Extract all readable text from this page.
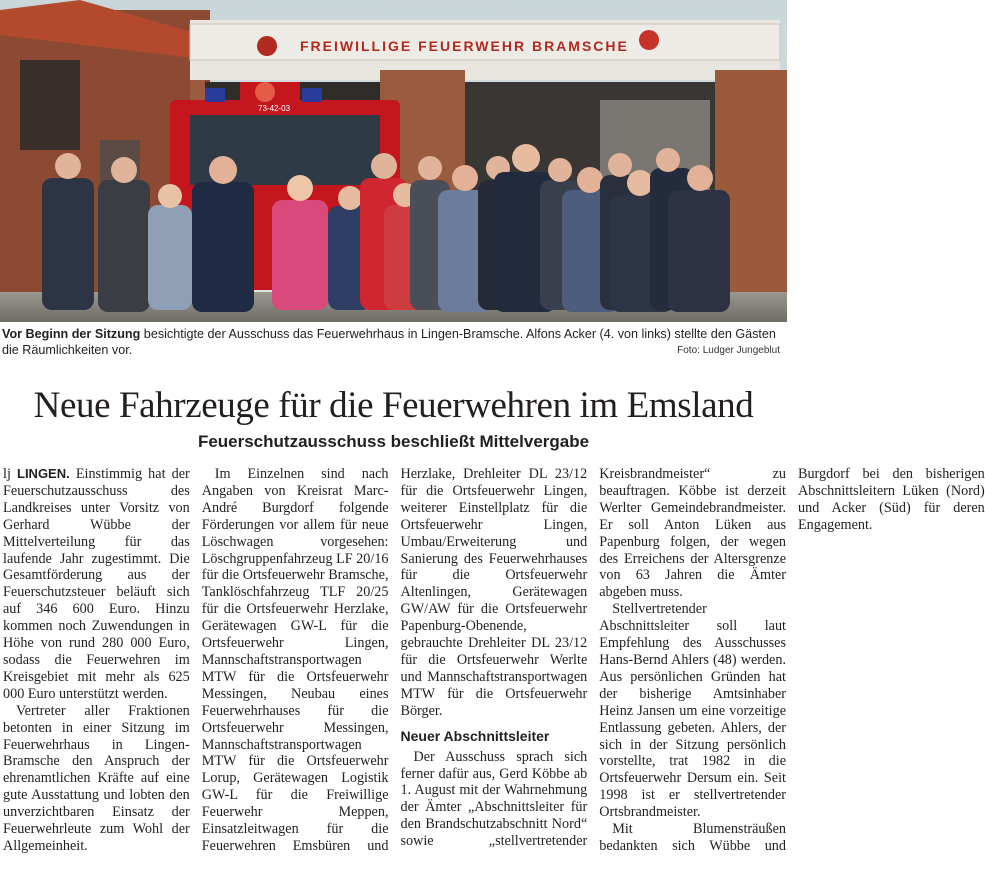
FREIWILLIGE FEUERWEHR BRAMSCHE
73-42-03
Vor Beginn der Sitzung besichtigte der Ausschuss das Feuerwehrhaus in Lingen-Bramsche. Alfons Acker (4. von links) stellte den Gästen die Räumlichkeiten vor.	Foto: Ludger Jungeblut
Neue Fahrzeuge für die Feuerwehren im Emsland
Feuerschutzausschuss beschließt Mittelvergabe

lj LINGEN. Einstimmig hat der Feuerschutzausschuss des Landkreises unter Vorsitz von Gerhard Wübbe der Mittelverteilung für das laufende Jahr zugestimmt. Die Gesamtförderung aus der Feuerschutzsteuer beläuft sich auf 346 600 Euro. Hinzu kommen noch Zuwendungen in Höhe von rund 280 000 Euro, sodass die Feuerwehren im Kreisgebiet mit mehr als 625 000 Euro unterstützt werden.

Vertreter aller Fraktionen betonten in einer Sitzung im Feuerwehrhaus in Lingen-Bramsche den Anspruch der ehrenamtlichen Kräfte auf eine gute Ausstattung und lobten den unverzichtbaren Einsatz der Feuerwehrleute zum Wohl der Allgemeinheit.

Im Einzelnen sind nach Angaben von Kreisrat Marc-André Burgdorf folgende Förderungen vor allem für neue Löschwagen vorgesehen: Löschgruppenfahrzeug LF 20/16 für die Ortsfeuerwehr Bramsche, Tanklöschfahrzeug TLF 20/25 für die Ortsfeuerwehr Herzlake, Gerätewagen GW-L für die Ortsfeuerwehr Lingen, Mannschaftstransportwagen MTW für die Ortsfeuerwehr Messingen, Neubau eines Feuerwehrhauses für die Ortsfeuerwehr Messingen, Mannschaftstransportwagen MTW für die Ortsfeuerwehr Lorup, Gerätewagen Logistik GW-L für die Freiwillige Feuerwehr Meppen, Einsatzleitwagen für die Feuerwehren Emsbüren und Herzlake, Drehleiter DL 23/12 für die Ortsfeuerwehr Lingen, weiterer Einstellplatz für die Ortsfeuerwehr Lingen, Umbau/Erweiterung und Sanierung des Feuerwehrhauses für die Ortsfeuerwehr Altenlingen, Gerätewagen GW/AW für die Ortsfeuerwehr Papenburg-Obenende, gebrauchte Drehleiter DL 23/12 für die Ortsfeuerwehr Werlte und Mannschaftstransportwagen MTW für die Ortsfeuerwehr Börger.

Neuer Abschnittsleiter

Der Ausschuss sprach sich ferner dafür aus, Gerd Köbbe ab 1. August mit der Wahrnehmung der Ämter „Abschnittsleiter für den Brandschutzabschnitt Nord“ sowie „stellvertretender Kreisbrandmeister“ zu beauftragen. Köbbe ist derzeit Werlter Gemeindebrandmeister. Er soll Anton Lüken aus Papenburg folgen, der wegen des Erreichens der Altersgrenze von 63 Jahren die Ämter abgeben muss.

Stellvertretender Abschnittsleiter soll laut Empfehlung des Ausschusses Hans-Bernd Ahlers (48) werden. Aus persönlichen Gründen hat der bisherige Amtsinhaber Heinz Jansen um eine vorzeitige Entlassung gebeten. Ahlers, der sich in der Sitzung persönlich vorstellte, trat 1982 in die Ortsfeuerwehr Dersum ein. Seit 1998 ist er stellvertretender Ortsbrandmeister.

Mit Blumensträußen bedankten sich Wübbe und Burgdorf bei den bisherigen Abschnittsleitern Lüken (Nord) und Acker (Süd) für deren Engagement.
